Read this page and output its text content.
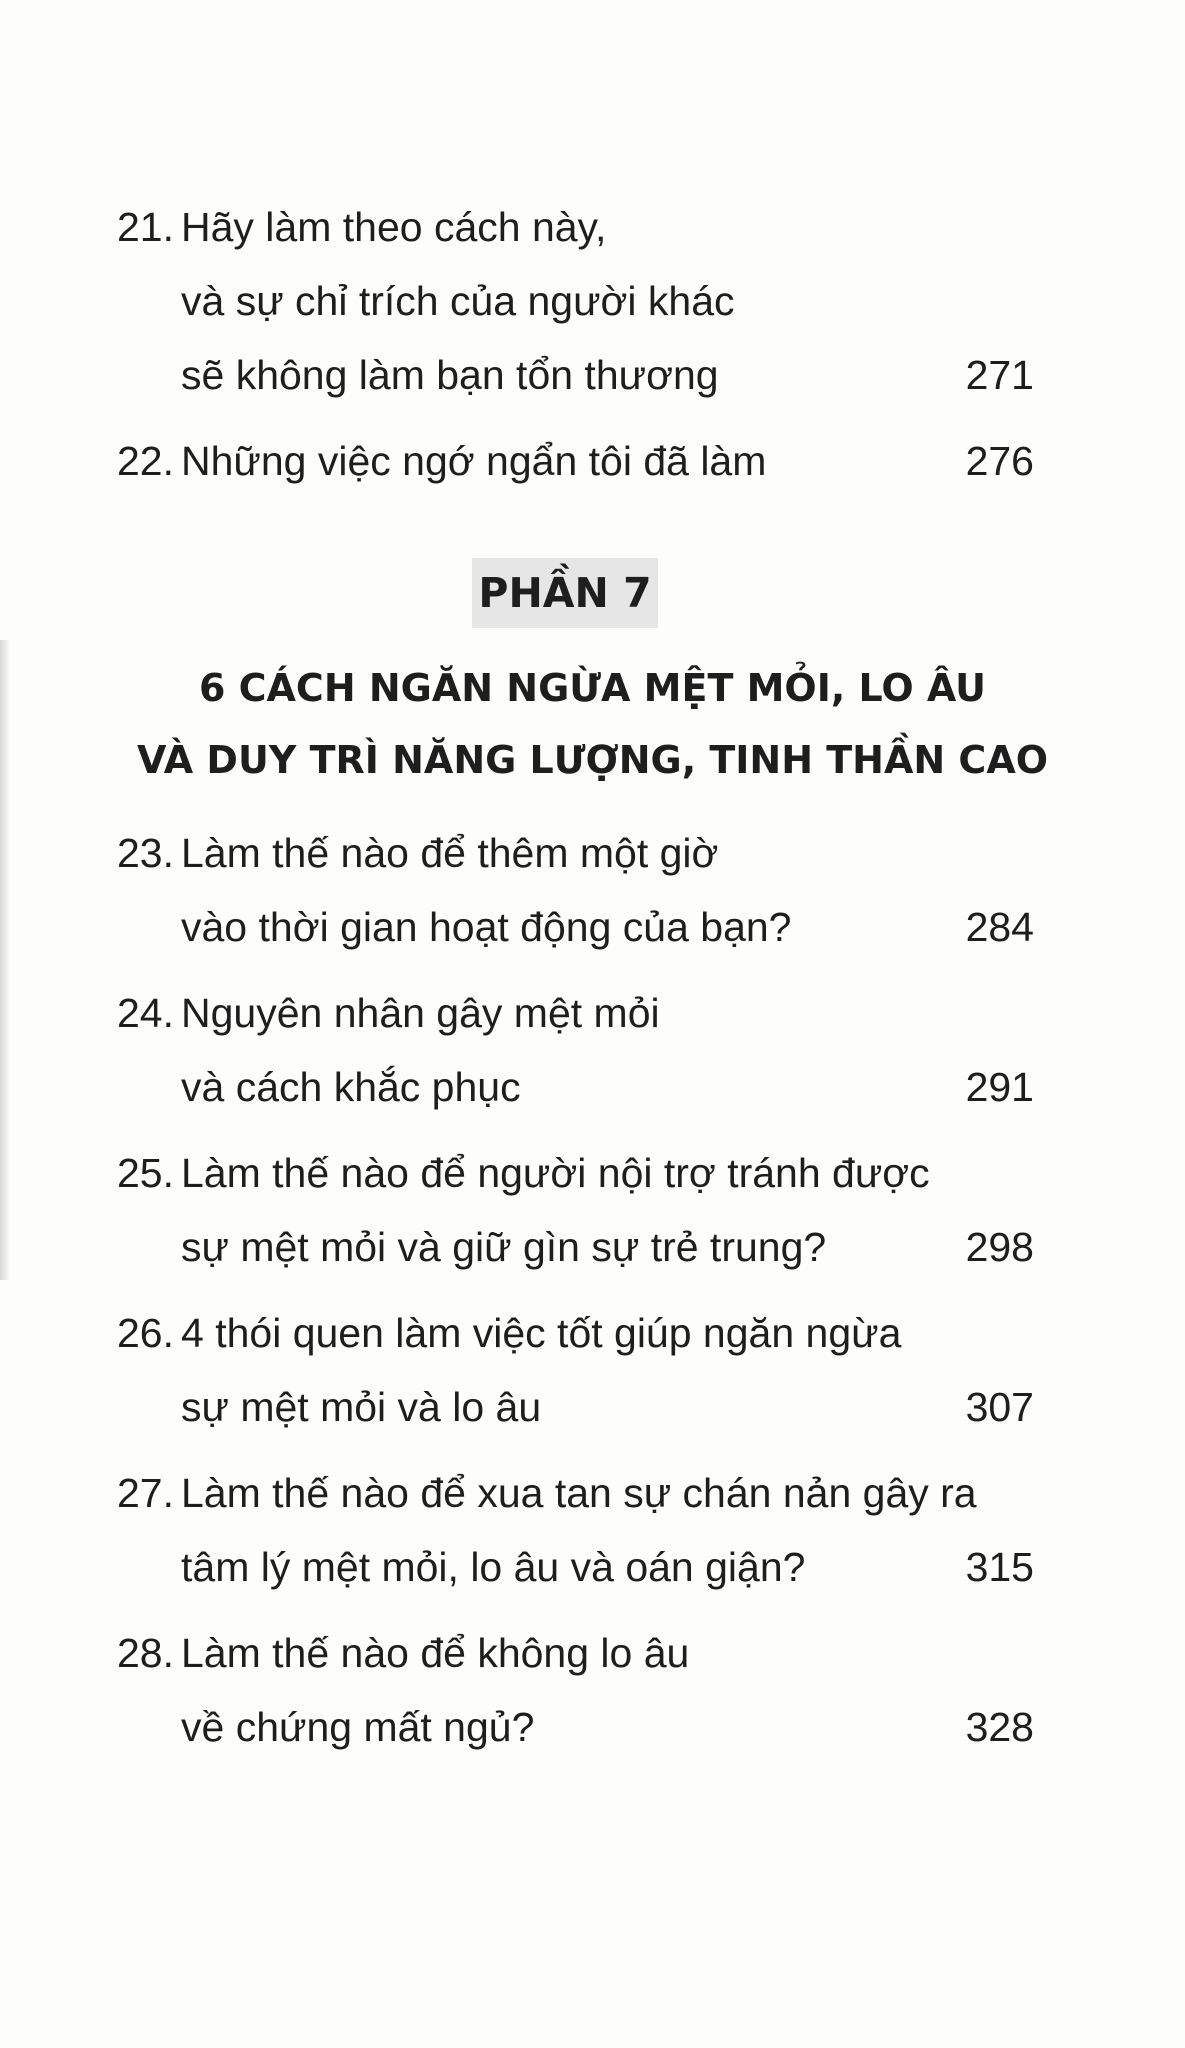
21. Hãy làm theo cách này,
và sự chỉ trích của người khác
sẽ không làm bạn tổn thương	271
22. Những việc ngớ ngẩn tôi đã làm	276
PHẦN 7
6 CÁCH NGĂN NGỪA MỆT MỎI, LO ÂU
VÀ DUY TRÌ NĂNG LƯỢNG, TINH THẦN CAO
23. Làm thế nào để thêm một giờ
vào thời gian hoạt động của bạn?	284
24. Nguyên nhân gây mệt mỏi
và cách khắc phục	291
25. Làm thế nào để người nội trợ tránh được
sự mệt mỏi và giữ gìn sự trẻ trung?	298
26. 4 thói quen làm việc tốt giúp ngăn ngừa
sự mệt mỏi và lo âu	307
27. Làm thế nào để xua tan sự chán nản gây ra
tâm lý mệt mỏi, lo âu và oán giận?	315
28. Làm thế nào để không lo âu
về chứng mất ngủ?	328
